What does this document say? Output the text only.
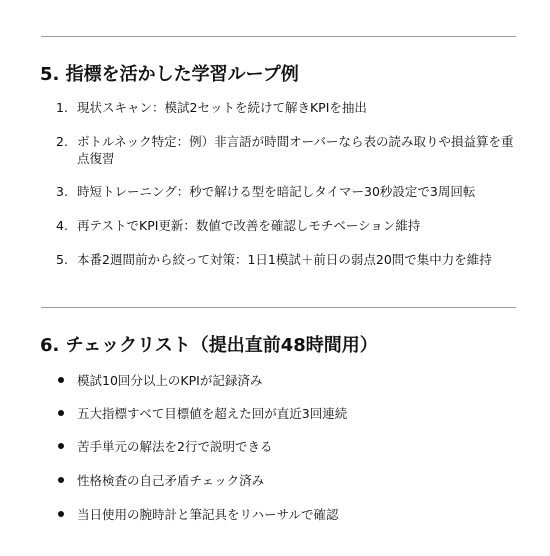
5. 指標を活かした学習ループ例
1. 現状スキャン：模試2セットを続けて解きKPIを抽出
2. ボトルネック特定：例）非言語が時間オーバーなら表の読み取りや損益算を重点復習
3. 時短トレーニング：秒で解ける型を暗記しタイマー30秒設定で3周回転
4. 再テストでKPI更新：数値で改善を確認しモチベーション維持
5. 本番2週間前から絞って対策：1日1模試＋前日の弱点20問で集中力を維持
6. チェックリスト（提出直前48時間用）
模試10回分以上のKPIが記録済み
五大指標すべて目標値を超えた回が直近3回連続
苦手単元の解法を2行で説明できる
性格検査の自己矛盾チェック済み
当日使用の腕時計と筆記具をリハーサルで確認
